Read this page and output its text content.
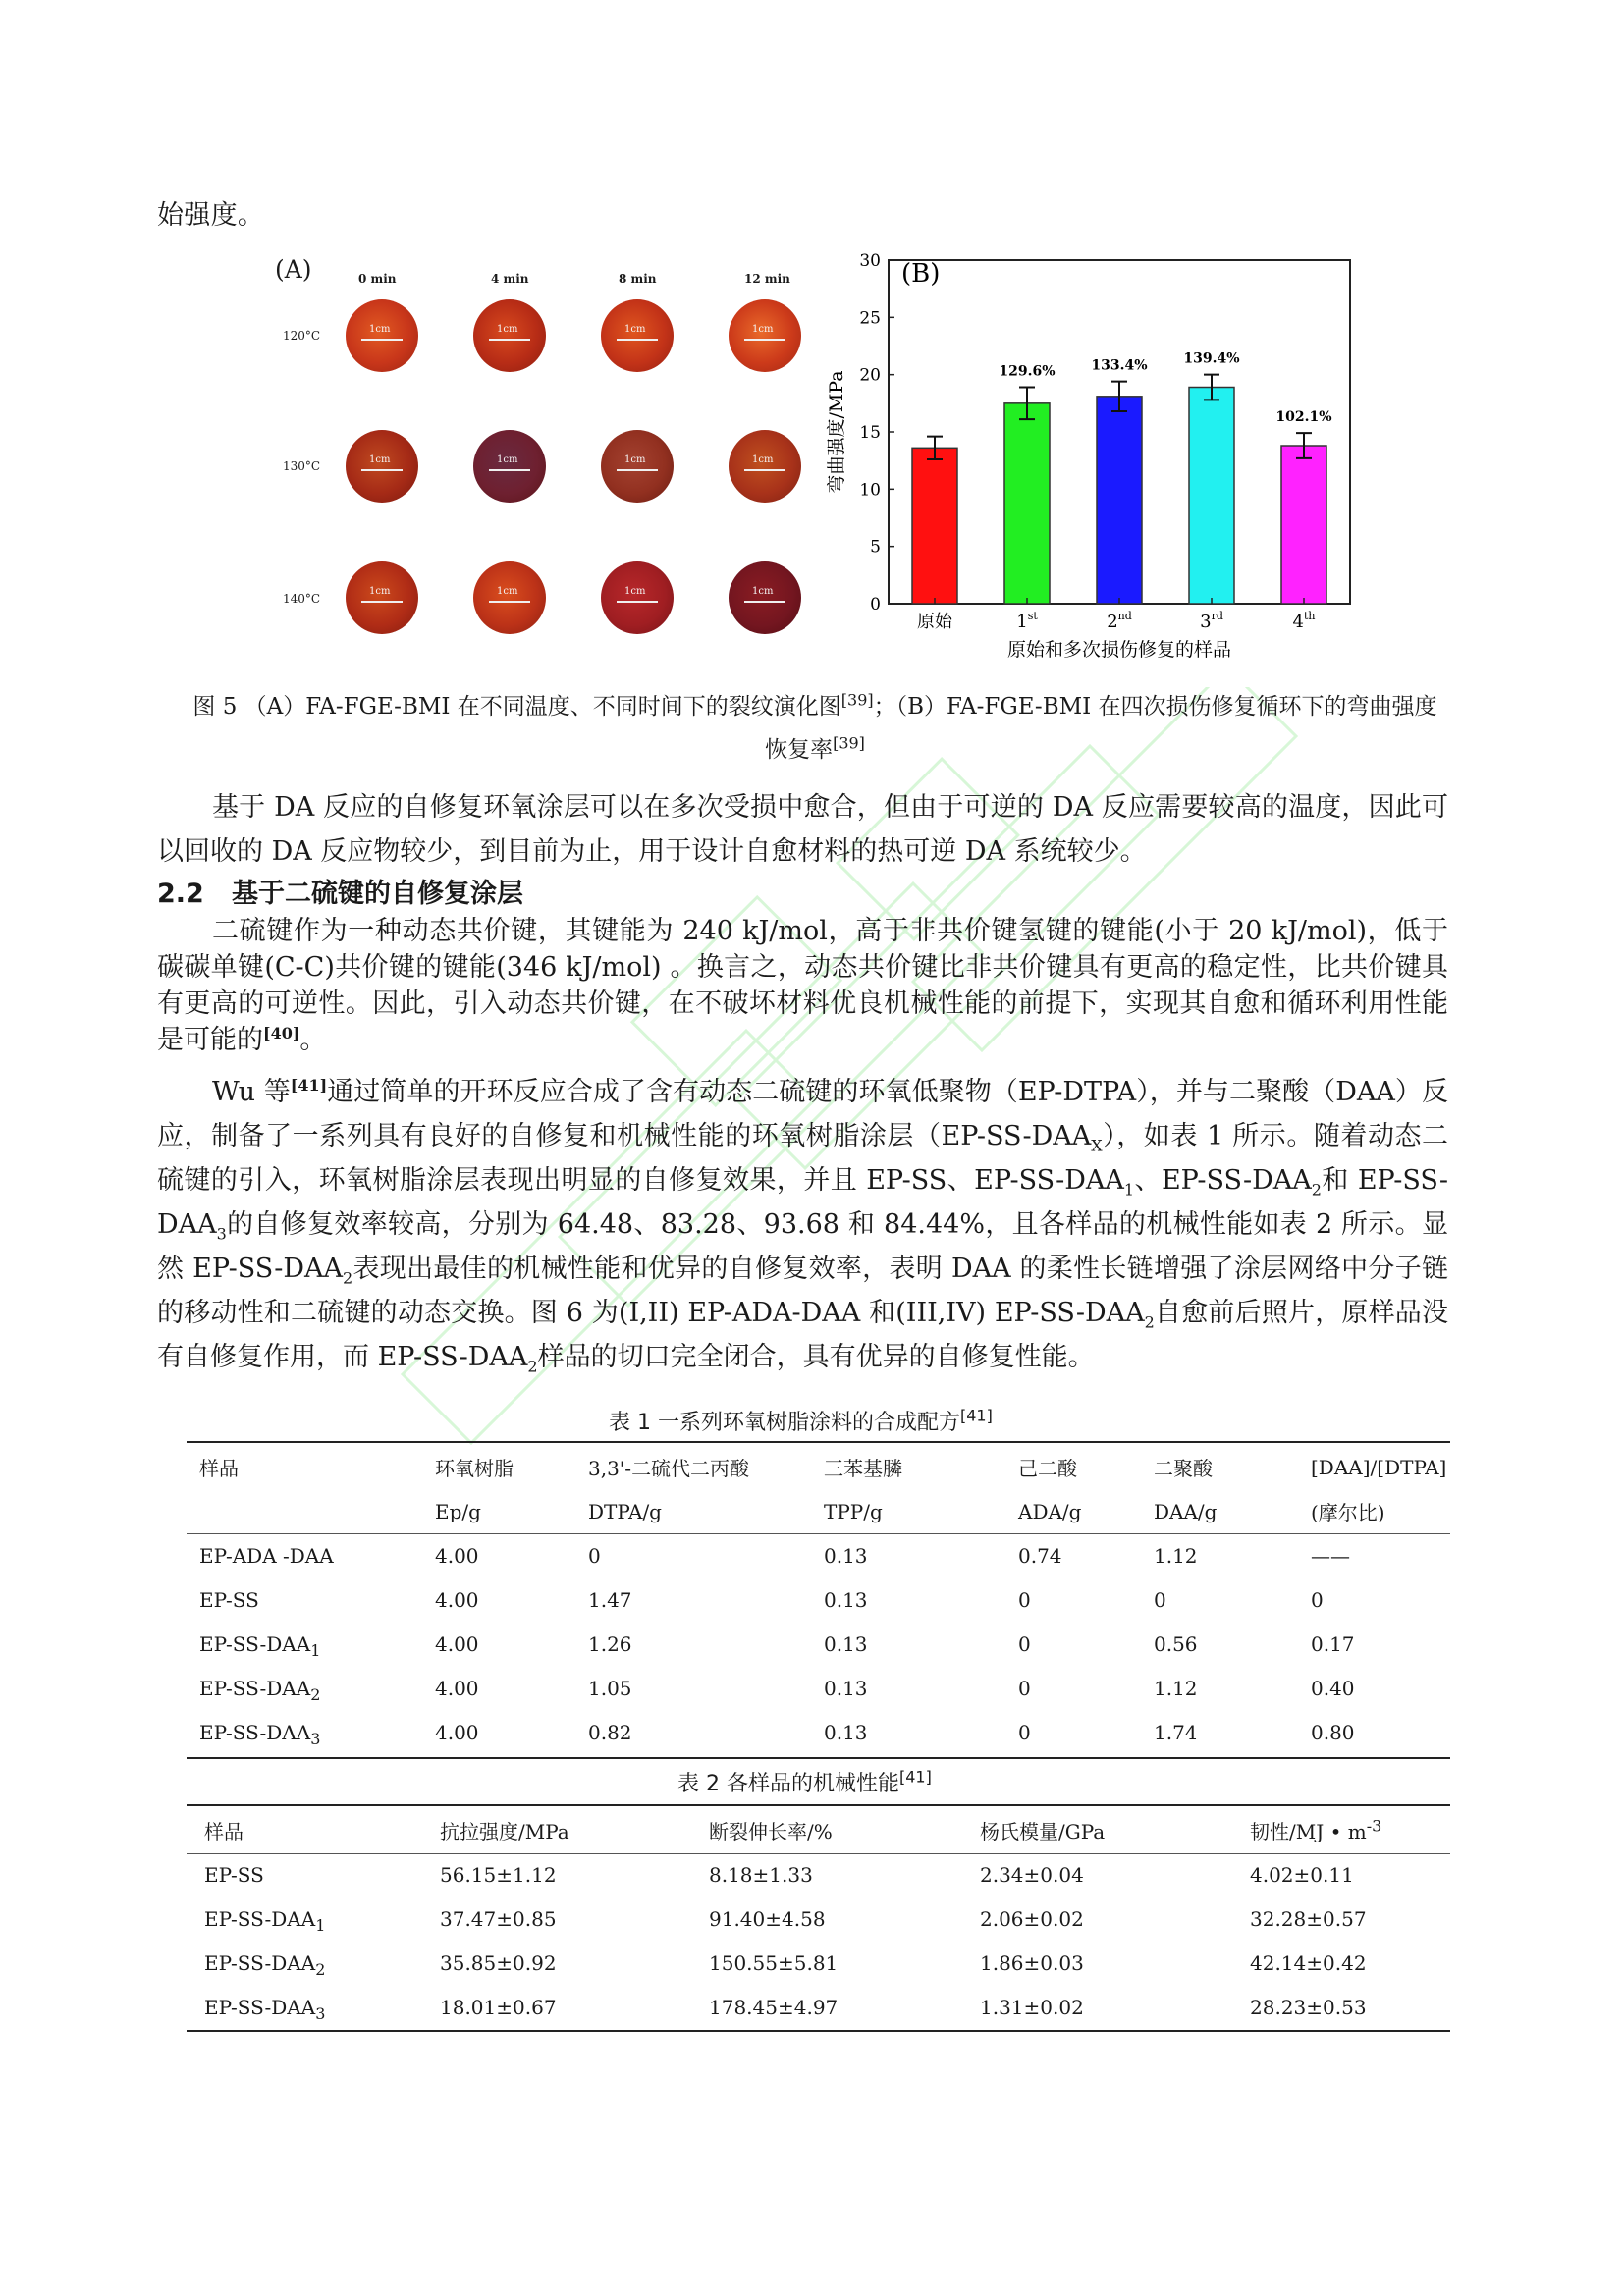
始强度。
(A)	0 min	4 min	8 min	12 min
120°C
130°C
140°C
1cm	1cm	1cm	1cm
1cm	1cm	1cm	1cm
1cm	1cm	1cm	1cm
(B)
0
5
10
15
20
25
30
129.6%	133.4%	139.4%
102.1%
原始	1st	2nd	3rd	4th
弯曲强度/MPa
原始和多次损伤修复的样品
图 5 （A）FA-FGE-BMI 在不同温度、不同时间下的裂纹演化图[39]；（B）FA-FGE-BMI 在四次损伤修复循环下的弯曲强度
恢复率[39]
基于 DA 反应的自修复环氧涂层可以在多次受损中愈合，但由于可逆的 DA 反应需要较高的温度，因此可以回收的 DA 反应物较少，到目前为止，用于设计自愈材料的热可逆 DA 系统较少。
2.2 基于二硫键的自修复涂层
二硫键作为一种动态共价键，其键能为 240 kJ/mol，高于非共价键氢键的键能(小于 20 kJ/mol)，低于碳碳单键(C-C)共价键的键能(346 kJ/mol) 。换言之，动态共价键比非共价键具有更高的稳定性，比共价键具有更高的可逆性。因此，引入动态共价键，在不破坏材料优良机械性能的前提下，实现其自愈和循环利用性能是可能的[40]。
Wu 等[41]通过简单的开环反应合成了含有动态二硫键的环氧低聚物（EP-DTPA），并与二聚酸（DAA）反应，制备了一系列具有良好的自修复和机械性能的环氧树脂涂层$(EP-SS-DAA_X)$，如表 1 所示。随着动态二硫键的引入，环氧树脂涂层表现出明显的自修复效果，并且 EP-SS、$EP-SS-DAA_1$、$EP-SS-DAA_2$和 $EP-SS-DAA_3$的自修复效率较高，分别为 64.48、83.28、93.68 和 84.44%，且各样品的机械性能如表 2 所示。显然 $EP-SS-DAA_2$表现出最佳的机械性能和优异的自修复效率，表明 DAA 的柔性长链增强了涂层网络中分子链的移动性和二硫键的动态交换。图 6 为(I,II) EP-ADA-DAA 和(III,IV) $EP-SS-DAA_2$自愈前后照片，原样品没有自修复作用，而 $EP-SS-DAA_2$样品的切口完全闭合，具有优异的自修复性能。
表 1 一系列环氧树脂涂料的合成配方[41]
样品	环氧树脂	3,3'-二硫代二丙酸	三苯基膦	己二酸	二聚酸	[DAA]/[DTPA]
	Ep/g	DTPA/g	TPP/g	ADA/g	DAA/g	(摩尔比)
EP-ADA -DAA	4.00	0	0.13	0.74	1.12	——
EP-SS	4.00	1.47	0.13	0	0	0
$EP-SS-DAA_1$	4.00	1.26	0.13	0	0.56	0.17
$EP-SS-DAA_2$	4.00	1.05	0.13	0	1.12	0.40
$EP-SS-DAA_3$	4.00	0.82	0.13	0	1.74	0.80
表 2 各样品的机械性能[41]
样品	抗拉强度/MPa	断裂伸长率/%	杨氏模量/GPa	韧性/MJ • $m^{-3}$
EP-SS	56.15±1.12	8.18±1.33	2.34±0.04	4.02±0.11
$EP-SS-DAA_1$	37.47±0.85	91.40±4.58	2.06±0.02	32.28±0.57
$EP-SS-DAA_2$	35.85±0.92	150.55±5.81	1.86±0.03	42.14±0.42
$EP-SS-DAA_3$	18.01±0.67	178.45±4.97	1.31±0.02	28.23±0.53
